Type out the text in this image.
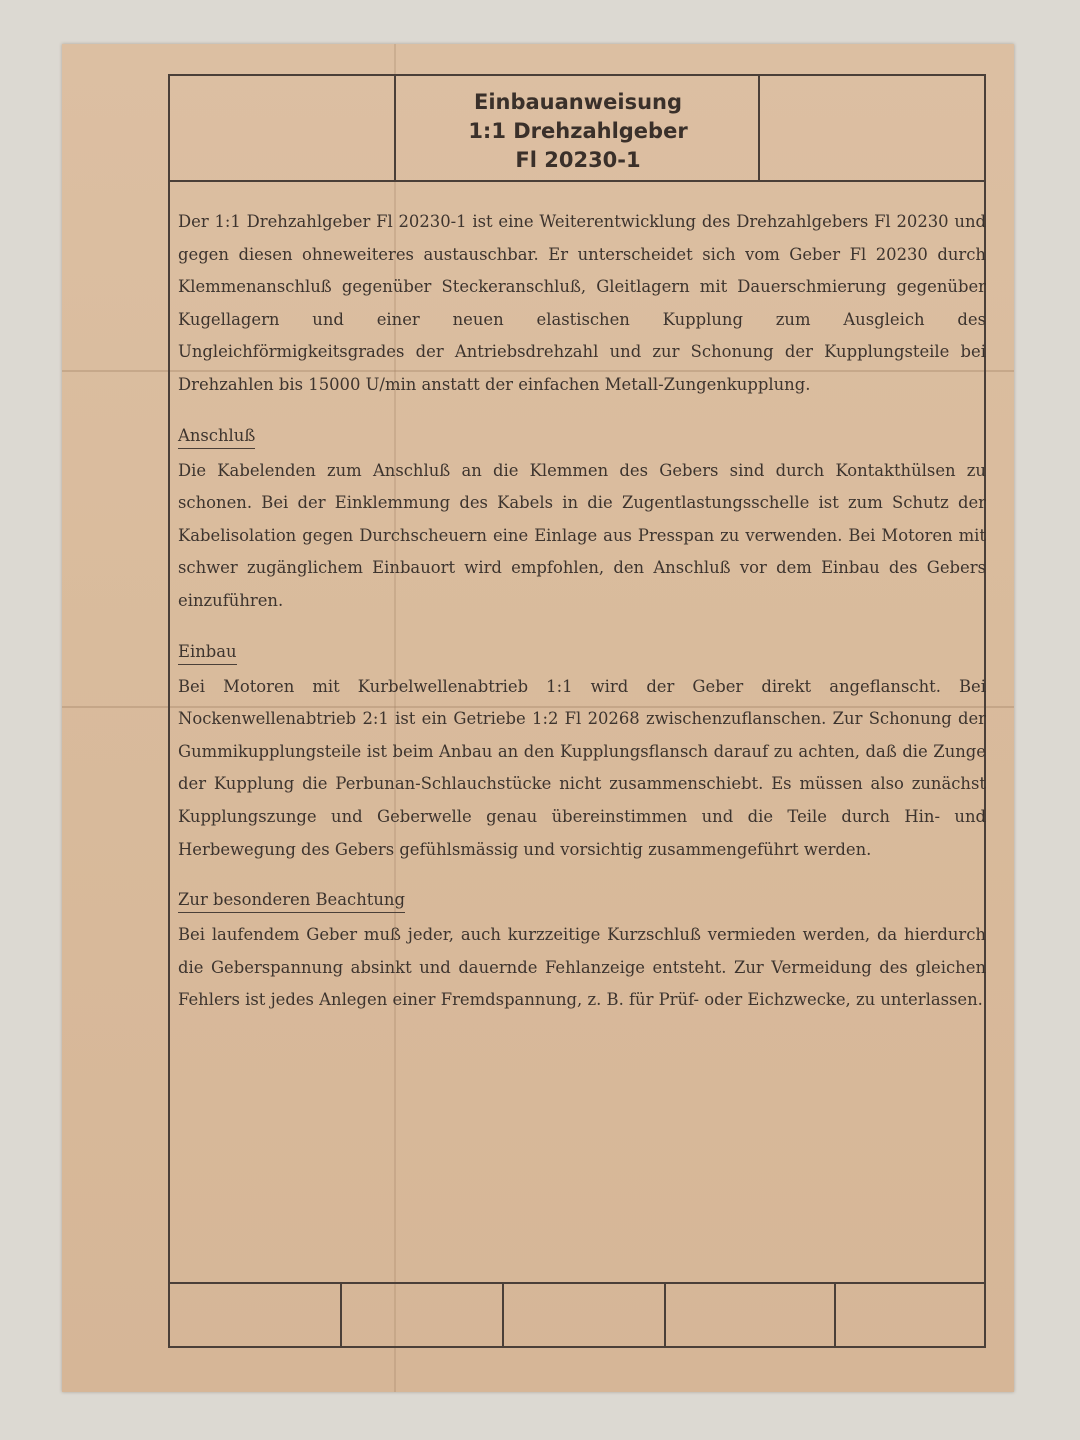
Einbauanweisung
1:1 Drehzahlgeber
Fl 20230-1

Der 1:1 Drehzahlgeber Fl 20230-1 ist eine Weiterentwicklung des Drehzahlgebers Fl 20230 und gegen diesen ohneweiteres austauschbar. Er unterscheidet sich vom Geber Fl 20230 durch Klemmenanschluß gegenüber Steckeranschluß, Gleitlagern mit Dauerschmierung gegenüber Kugellagern und einer neuen elastischen Kupplung zum Ausgleich des Ungleichförmigkeitsgrades der Antriebsdrehzahl und zur Schonung der Kupplungsteile bei Drehzahlen bis 15000 U/min anstatt der einfachen Metall-Zungenkupplung.

Anschluß

Die Kabelenden zum Anschluß an die Klemmen des Gebers sind durch Kontakthülsen zu schonen. Bei der Einklemmung des Kabels in die Zugentlastungsschelle ist zum Schutz der Kabelisolation gegen Durchscheuern eine Einlage aus Presspan zu verwenden. Bei Motoren mit schwer zugänglichem Einbauort wird empfohlen, den Anschluß vor dem Einbau des Gebers einzuführen.

Einbau

Bei Motoren mit Kurbelwellenabtrieb 1:1 wird der Geber direkt angeflanscht. Bei Nockenwellenabtrieb 2:1 ist ein Getriebe 1:2 Fl 20268 zwischenzuflanschen. Zur Schonung der Gummikupplungsteile ist beim Anbau an den Kupplungsflansch darauf zu achten, daß die Zunge der Kupplung die Perbunan-Schlauchstücke nicht zusammenschiebt. Es müssen also zunächst Kupplungszunge und Geberwelle genau übereinstimmen und die Teile durch Hin- und Herbewegung des Gebers gefühlsmässig und vorsichtig zusammengeführt werden.

Zur besonderen Beachtung

Bei laufendem Geber muß jeder, auch kurzzeitige Kurzschluß vermieden werden, da hierdurch die Geberspannung absinkt und dauernde Fehlanzeige entsteht. Zur Vermeidung des gleichen Fehlers ist jedes Anlegen einer Fremdspannung, z. B. für Prüf- oder Eichzwecke, zu unterlassen.
